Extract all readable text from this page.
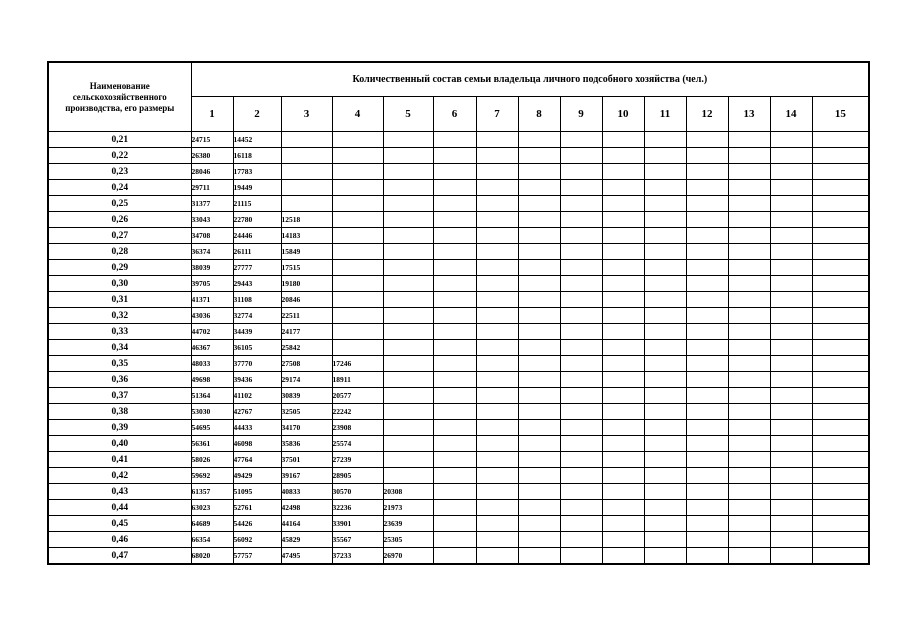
Наименование сельскохозяйственного производства, его размеры	Количественный состав семьи владельца личного подсобного хозяйства (чел.)														
	1	2	3	4	5	6	7	8	9	10	11	12	13	14	15
0,21	24715	14452													
0,22	26380	16118													
0,23	28046	17783													
0,24	29711	19449													
0,25	31377	21115													
0,26	33043	22780	12518												
0,27	34708	24446	14183												
0,28	36374	26111	15849												
0,29	38039	27777	17515												
0,30	39705	29443	19180												
0,31	41371	31108	20846												
0,32	43036	32774	22511												
0,33	44702	34439	24177												
0,34	46367	36105	25842												
0,35	48033	37770	27508	17246											
0,36	49698	39436	29174	18911											
0,37	51364	41102	30839	20577											
0,38	53030	42767	32505	22242											
0,39	54695	44433	34170	23908											
0,40	56361	46098	35836	25574											
0,41	58026	47764	37501	27239											
0,42	59692	49429	39167	28905											
0,43	61357	51095	40833	30570	20308										
0,44	63023	52761	42498	32236	21973										
0,45	64689	54426	44164	33901	23639										
0,46	66354	56092	45829	35567	25305										
0,47	68020	57757	47495	37233	26970										
